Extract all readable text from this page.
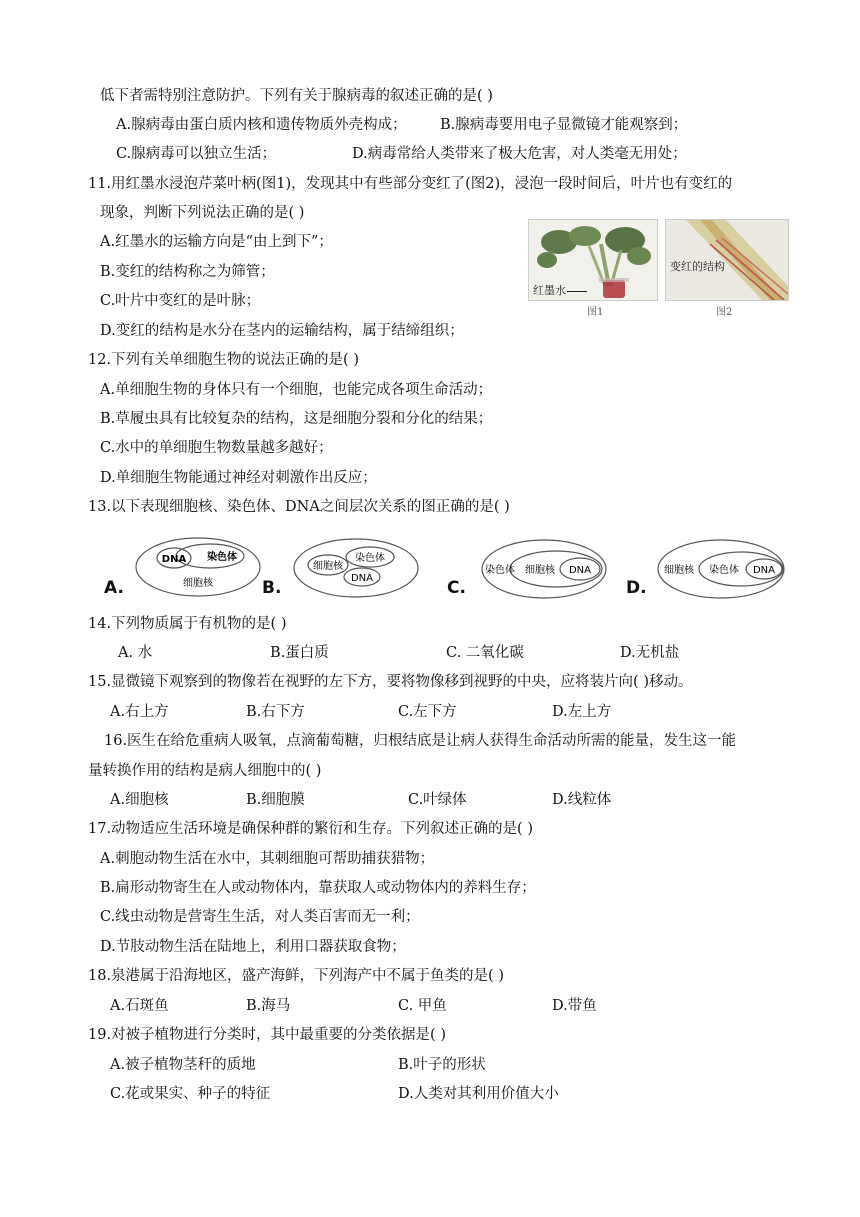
低下者需特别注意防护。下列有关于腺病毒的叙述正确的是( )
A.腺病毒由蛋白质内核和遗传物质外壳构成； B.腺病毒要用电子显微镜才能观察到；
C.腺病毒可以独立生活；	D.病毒常给人类带来了极大危害，对人类毫无用处；
11.用红墨水浸泡芹菜叶柄(图1)，发现其中有些部分变红了(图2)，浸泡一段时间后，叶片也有变红的
现象，判断下列说法正确的是( )
A.红墨水的运输方向是“由上到下”；
B.变红的结构称之为筛管；
C.叶片中变红的是叶脉；
D.变红的结构是水分在茎内的运输结构，属于结缔组织；
红墨水
图1
变红的结构
图2
12.下列有关单细胞生物的说法正确的是( )
A.单细胞生物的身体只有一个细胞，也能完成各项生命活动；
B.草履虫具有比较复杂的结构，这是细胞分裂和分化的结果；
C.水中的单细胞生物数量越多越好；
D.单细胞生物能通过神经对刺激作出反应；
13.以下表现细胞核、染色体、DNA之间层次关系的图正确的是( )
A.
DNA 染色体
细胞核	B.
细胞核
染色体
DNA	C.
染色体 细胞核 DNA
D.
细胞核 染色体 DNA
14.下列物质属于有机物的是( )
A. 水	B.蛋白质	C. 二氧化碳	D.无机盐
15.显微镜下观察到的物像若在视野的左下方，要将物像移到视野的中央，应将装片向( )移动。
A.右上方	B.右下方	C.左下方	D.左上方
16.医生在给危重病人吸氧，点滴葡萄糖，归根结底是让病人获得生命活动所需的能量，发生这一能
量转换作用的结构是病人细胞中的( )
A.细胞核	B.细胞膜	C.叶绿体	D.线粒体
17.动物适应生活环境是确保种群的繁衍和生存。下列叙述正确的是( )
A.刺胞动物生活在水中，其刺细胞可帮助捕获猎物；
B.扁形动物寄生在人或动物体内，靠获取人或动物体内的养料生存；
C.线虫动物是营寄生生活，对人类百害而无一利；
D.节肢动物生活在陆地上，利用口器获取食物；
18.泉港属于沿海地区，盛产海鲜，下列海产中不属于鱼类的是( )
A.石斑鱼	B.海马	C. 甲鱼	D.带鱼
19.对被子植物进行分类时，其中最重要的分类依据是( )
A.被子植物茎秆的质地	B.叶子的形状
C.花或果实、种子的特征	D.人类对其利用价值大小
